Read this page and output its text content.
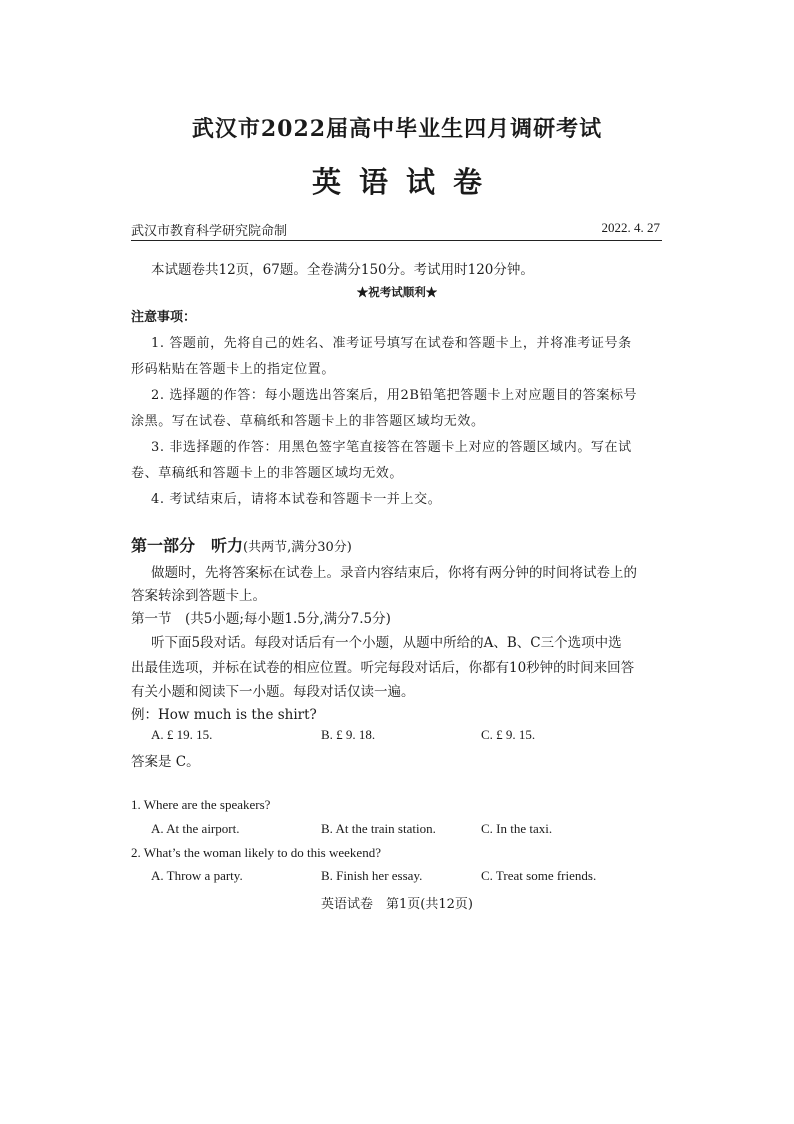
武汉市2022届高中毕业生四月调研考试
英语试卷
武汉市教育科学研究院命制	2022. 4. 27
本试题卷共12页，67题。全卷满分150分。考试用时120分钟。
★祝考试顺利★
注意事项：
1. 答题前，先将自己的姓名、准考证号填写在试卷和答题卡上，并将准考证号条
形码粘贴在答题卡上的指定位置。
2. 选择题的作答：每小题选出答案后，用2B铅笔把答题卡上对应题目的答案标号
涂黑。写在试卷、草稿纸和答题卡上的非答题区域均无效。
3. 非选择题的作答：用黑色签字笔直接答在答题卡上对应的答题区域内。写在试
卷、草稿纸和答题卡上的非答题区域均无效。
4. 考试结束后，请将本试卷和答题卡一并上交。
第一部分　听力(共两节,满分30分)
做题时，先将答案标在试卷上。录音内容结束后，你将有两分钟的时间将试卷上的
答案转涂到答题卡上。
第一节　(共5小题;每小题1.5分,满分7.5分)
听下面5段对话。每段对话后有一个小题，从题中所给的A、B、C三个选项中选
出最佳选项，并标在试卷的相应位置。听完每段对话后，你都有10秒钟的时间来回答
有关小题和阅读下一小题。每段对话仅读一遍。
例：How much is the shirt?
A. £ 19. 15.	B. £ 9. 18.	C. £ 9. 15.
答案是 C。
1. Where are the speakers?
A. At the airport.	B. At the train station.	C. In the taxi.
2. What’s the woman likely to do this weekend?
A. Throw a party.	B. Finish her essay.	C. Treat some friends.
英语试卷　第1页(共12页)
